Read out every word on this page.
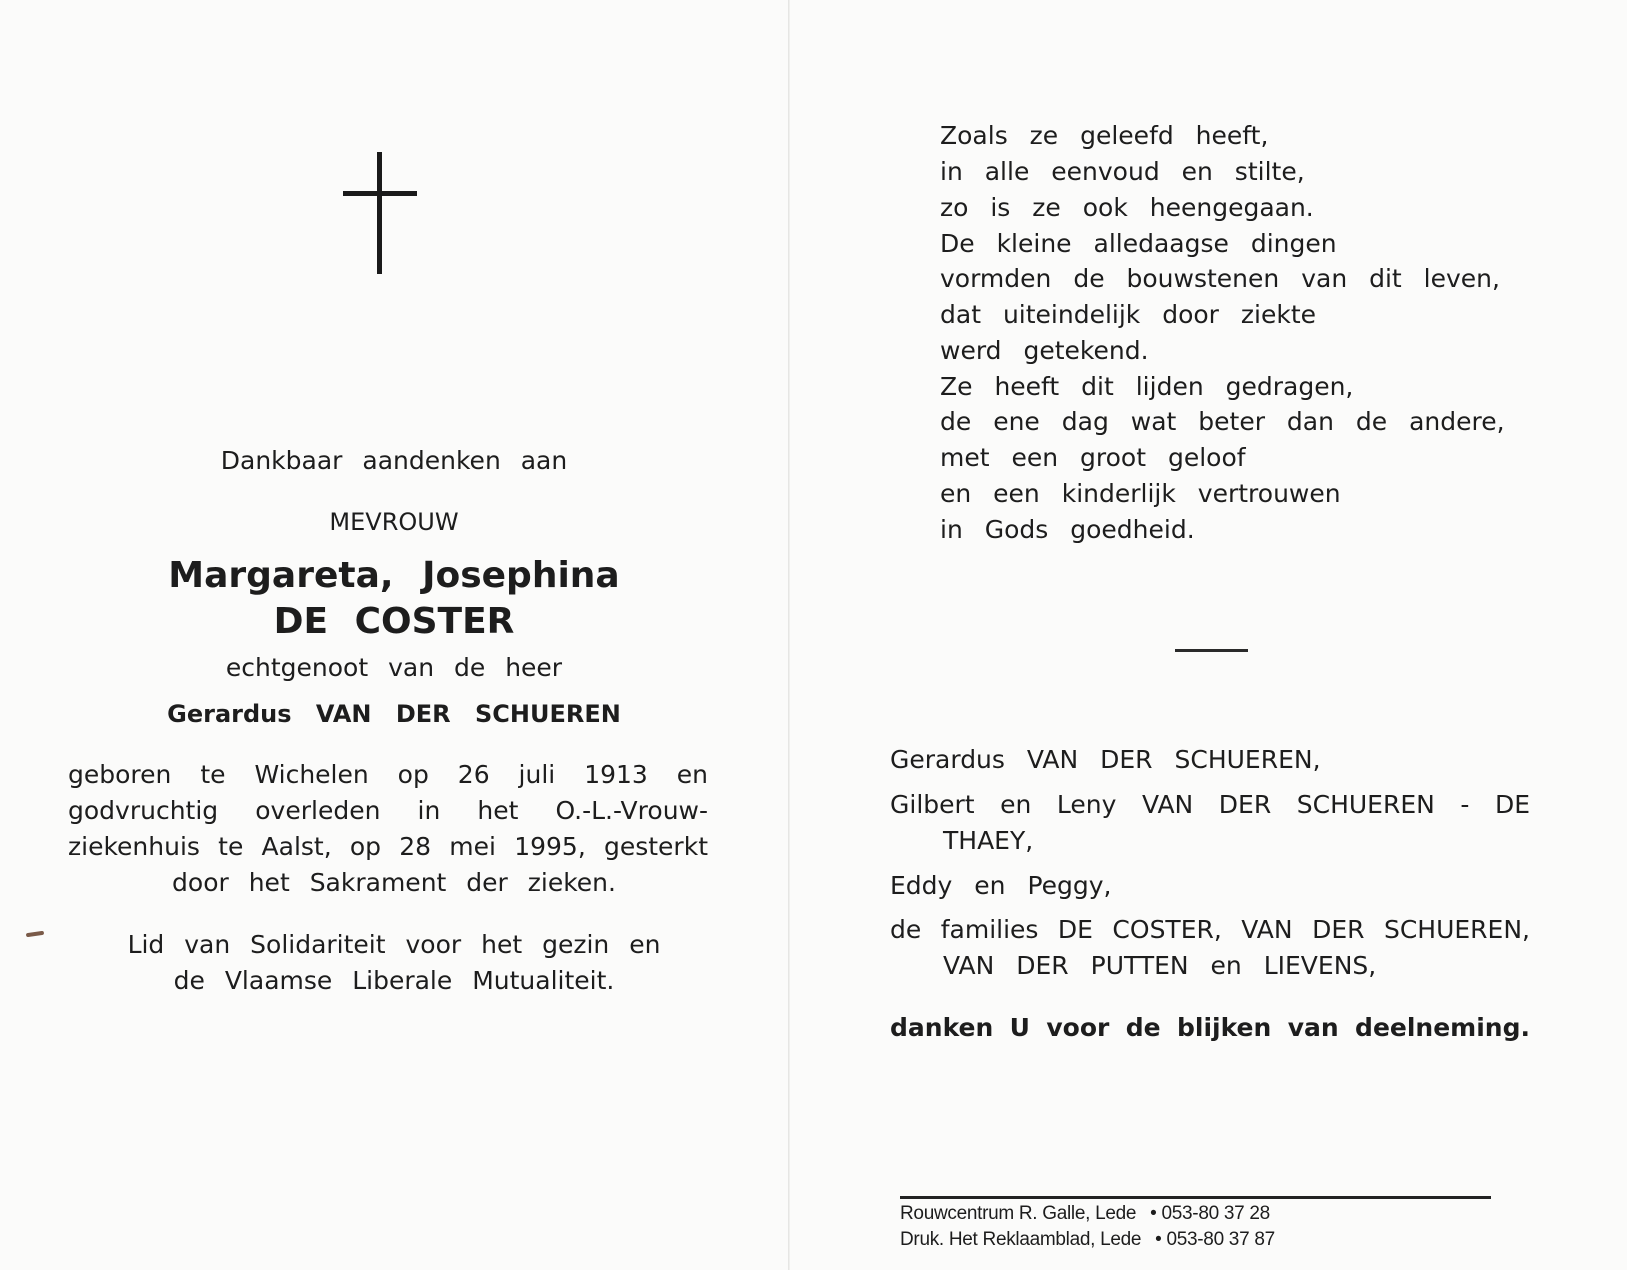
Dankbaar aandenken aan
MEVROUW
Margareta, Josephina
DE COSTER
echtgenoot van de heer
Gerardus VAN DER SCHUEREN
geboren te Wichelen op 26 juli 1913 en
godvruchtig overleden in het O.-L.-Vrouw-
ziekenhuis te Aalst, op 28 mei 1995, gesterkt
door het Sakrament der zieken.
Lid van Solidariteit voor het gezin en
de Vlaamse Liberale Mutualiteit.
Zoals ze geleefd heeft,
in alle eenvoud en stilte,
zo is ze ook heengegaan.
De kleine alledaagse dingen
vormden de bouwstenen van dit leven,
dat uiteindelijk door ziekte
werd getekend.
Ze heeft dit lijden gedragen,
de ene dag wat beter dan de andere,
met een groot geloof
en een kinderlijk vertrouwen
in Gods goedheid.
Gerardus VAN DER SCHUEREN,
Gilbert en Leny VAN DER SCHUEREN - DE
THAEY,
Eddy en Peggy,
de families DE COSTER, VAN DER SCHUEREN,
VAN DER PUTTEN en LIEVENS,
danken U voor de blijken van deelneming.
Rouwcentrum R. Galle, Lede • 053-80 37 28
Druk. Het Reklaamblad, Lede • 053-80 37 87
